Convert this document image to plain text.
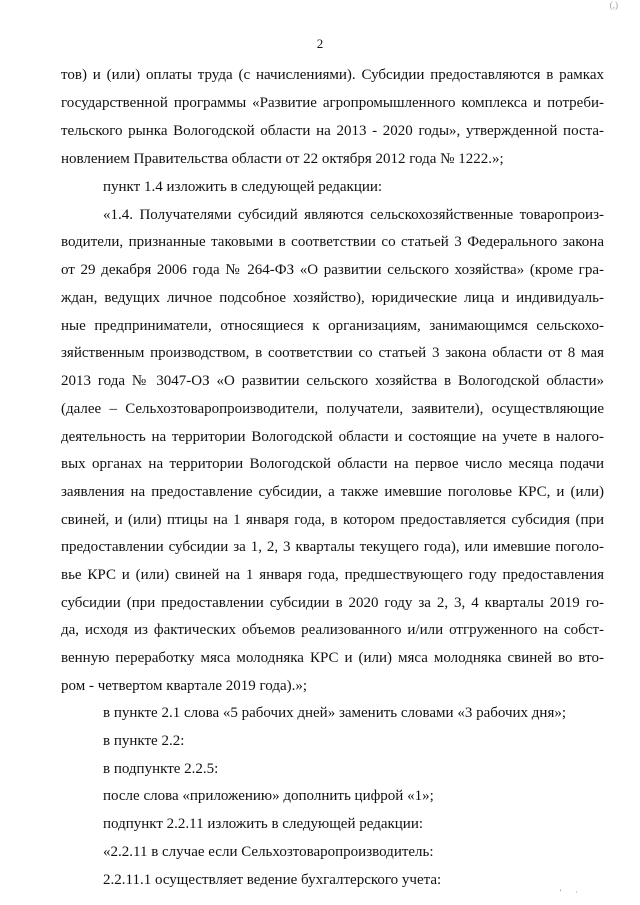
(,)
2
тов) и (или) оплаты труда (с начислениями). Субсидии предоставляются в рамках
государственной программы «Развитие агропромышленного комплекса и потреби-
тельского рынка Вологодской области на 2013 - 2020 годы», утвержденной поста-
новлением Правительства области от 22 октября 2012 года № 1222.»;
пункт 1.4 изложить в следующей редакции:
«1.4. Получателями субсидий являются сельскохозяйственные товаропроиз-
водители, признанные таковыми в соответствии со статьей 3 Федерального закона
от 29 декабря 2006 года № 264-ФЗ «О развитии сельского хозяйства» (кроме гра-
ждан, ведущих личное подсобное хозяйство), юридические лица и индивидуаль-
ные предприниматели, относящиеся к организациям, занимающимся сельскохо-
зяйственным производством, в соответствии со статьей 3 закона области от 8 мая
2013 года № 3047-ОЗ «О развитии сельского хозяйства в Вологодской области»
(далее – Сельхозтоваропроизводители, получатели, заявители), осуществляющие
деятельность на территории Вологодской области и состоящие на учете в налого-
вых органах на территории Вологодской области на первое число месяца подачи
заявления на предоставление субсидии, а также имевшие поголовье КРС, и (или)
свиней, и (или) птицы на 1 января года, в котором предоставляется субсидия (при
предоставлении субсидии за 1, 2, 3 кварталы текущего года), или имевшие поголо-
вье КРС и (или) свиней на 1 января года, предшествующего году предоставления
субсидии (при предоставлении субсидии в 2020 году за 2, 3, 4 кварталы 2019 го-
да, исходя из фактических объемов реализованного и/или отгруженного на собст-
венную переработку мяса молодняка КРС и (или) мяса молодняка свиней во вто-
ром - четвертом квартале 2019 года).»;
в пункте 2.1 слова «5 рабочих дней» заменить словами «3 рабочих дня»;
в пункте 2.2:
в подпункте 2.2.5:
после слова «приложению» дополнить цифрой «1»;
подпункт 2.2.11 изложить в следующей редакции:
«2.2.11 в случае если Сельхозтоваропроизводитель:
2.2.11.1 осуществляет ведение бухгалтерского учета:
' ·
